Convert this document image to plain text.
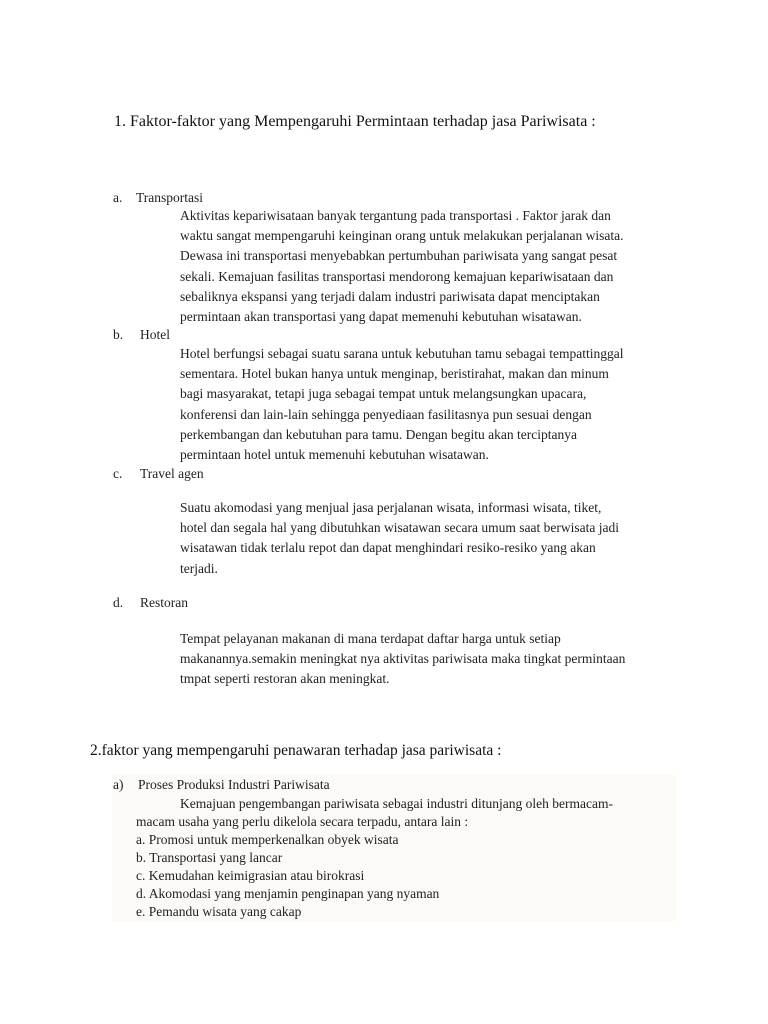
1. Faktor-faktor yang Mempengaruhi Permintaan terhadap jasa Pariwisata :
a. Transportasi
Aktivitas kepariwisataan banyak tergantung pada transportasi . Faktor jarak dan
waktu sangat mempengaruhi keinginan orang untuk melakukan perjalanan wisata.
Dewasa ini transportasi menyebabkan pertumbuhan pariwisata yang sangat pesat
sekali. Kemajuan fasilitas transportasi mendorong kemajuan kepariwisataan dan
sebaliknya ekspansi yang terjadi dalam industri pariwisata dapat menciptakan
permintaan akan transportasi yang dapat memenuhi kebutuhan wisatawan.
b. Hotel
Hotel berfungsi sebagai suatu sarana untuk kebutuhan tamu sebagai tempattinggal
sementara. Hotel bukan hanya untuk menginap, beristirahat, makan dan minum
bagi masyarakat, tetapi juga sebagai tempat untuk melangsungkan upacara,
konferensi dan lain-lain sehingga penyediaan fasilitasnya pun sesuai dengan
perkembangan dan kebutuhan para tamu. Dengan begitu akan terciptanya
permintaan hotel untuk memenuhi kebutuhan wisatawan.
c. Travel agen
Suatu akomodasi yang menjual jasa perjalanan wisata, informasi wisata, tiket,
hotel dan segala hal yang dibutuhkan wisatawan secara umum saat berwisata jadi
wisatawan tidak terlalu repot dan dapat menghindari resiko-resiko yang akan
terjadi.
d. Restoran
Tempat pelayanan makanan di mana terdapat daftar harga untuk setiap
makanannya.semakin meningkat nya aktivitas pariwisata maka tingkat permintaan
tmpat seperti restoran akan meningkat.
2.faktor yang mempengaruhi penawaran terhadap jasa pariwisata :
a) Proses Produksi Industri Pariwisata
Kemajuan pengembangan pariwisata sebagai industri ditunjang oleh bermacam-
macam usaha yang perlu dikelola secara terpadu, antara lain :
a. Promosi untuk memperkenalkan obyek wisata
b. Transportasi yang lancar
c. Kemudahan keimigrasian atau birokrasi
d. Akomodasi yang menjamin penginapan yang nyaman
e. Pemandu wisata yang cakap
